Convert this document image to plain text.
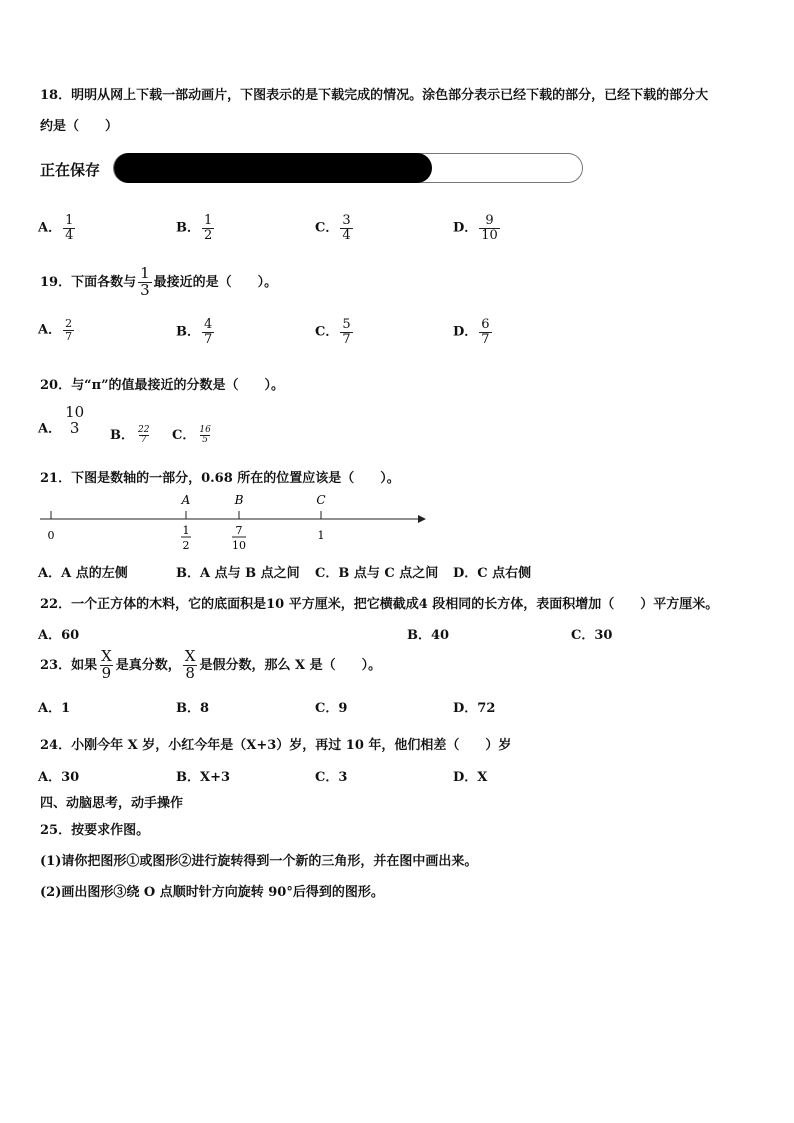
18．明明从网上下载一部动画片，下图表示的是下载完成的情况。涂色部分表示已经下载的部分，已经下载的部分大
约是（　　）
正在保存
A． $\frac{1}{4}$	B． $\frac{1}{2}$	C． $\frac{3}{4}$	D． $\frac{9}{10}$
19．下面各数与 $\frac{1}{3}$ 最接近的是（　　）。
A． $\frac{2}{7}$	B． $\frac{4}{7}$	C． $\frac{5}{7}$	D． $\frac{6}{7}$
20．与“π”的值最接近的分数是（　　）。
A．
10
3 B． $\frac{22}{7}$ C． $\frac{16}{5}$
21．下图是数轴的一部分，0.68 所在的位置应该是（　　）。
A	B	C
0	1
1
2
7
10
A．A 点的左侧	B．A 点与 B 点之间 C．B 点与 C 点之间 D．C 点右侧
22．一个正方体的木料，它的底面积是10 平方厘米，把它横截成4 段相同的长方体，表面积增加（　　）平方厘米。
A．60	B．40	C．30
23．如果 $\frac{X}{9}$ 是真分数， $\frac{X}{8}$ 是假分数，那么 X 是（　　）。
A．1	B．8	C．9	D．72
24．小刚今年 X 岁，小红今年是（X+3）岁，再过 10 年，他们相差（　　）岁
A．30	B．X+3	C．3	D．X
四、动脑思考，动手操作
25．按要求作图。
(1)请你把图形①或图形②进行旋转得到一个新的三角形，并在图中画出来。
(2)画出图形③绕 O 点顺时针方向旋转 90°后得到的图形。
